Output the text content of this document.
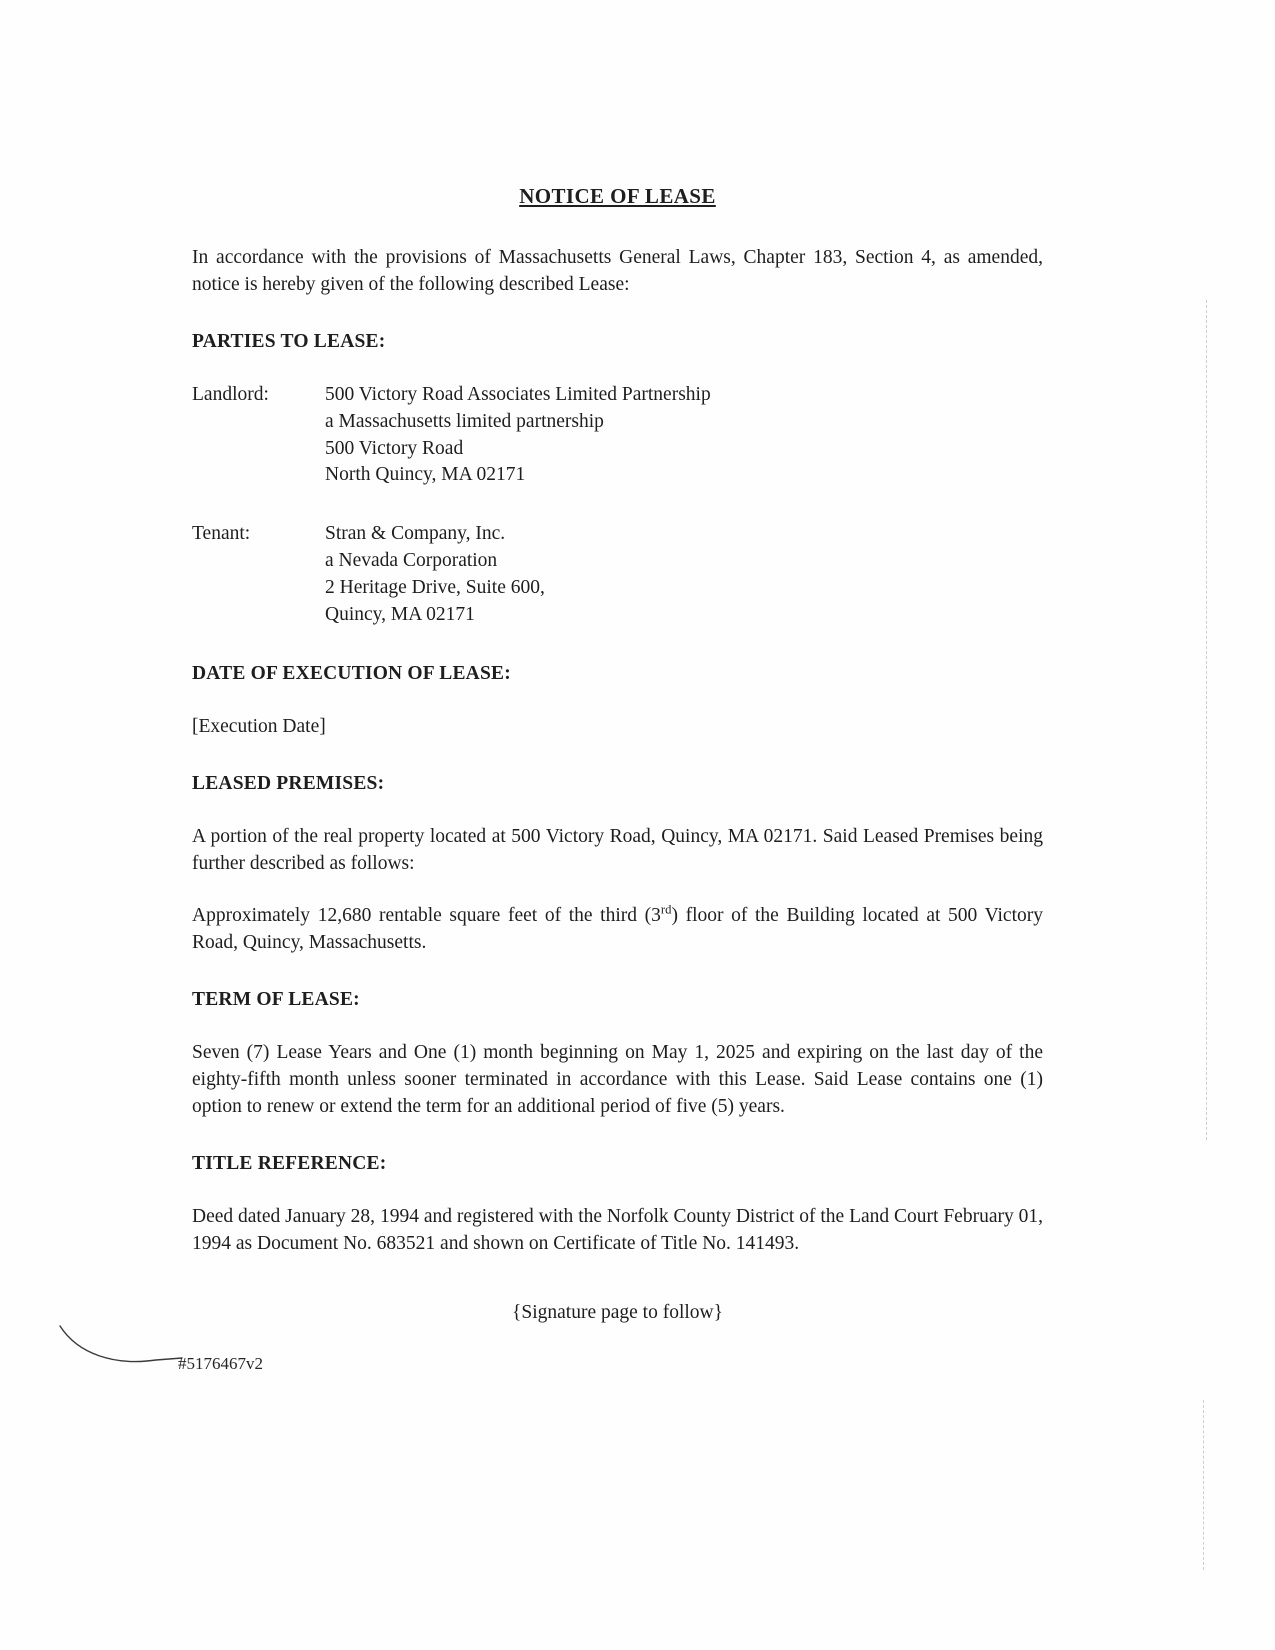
NOTICE OF LEASE

In accordance with the provisions of Massachusetts General Laws, Chapter 183, Section 4, as amended, notice is hereby given of the following described Lease:

PARTIES TO LEASE:
Landlord:	500 Victory Road Associates Limited Partnership
a Massachusetts limited partnership
500 Victory Road
North Quincy, MA 02171
Tenant:	Stran & Company, Inc.
a Nevada Corporation
2 Heritage Drive, Suite 600,
Quincy, MA 02171
DATE OF EXECUTION OF LEASE:
[Execution Date]
LEASED PREMISES:

A portion of the real property located at 500 Victory Road, Quincy, MA 02171. Said Leased Premises being further described as follows:

Approximately 12,680 rentable square feet of the third (3rd) floor of the Building located at 500 Victory Road, Quincy, Massachusetts.

TERM OF LEASE:

Seven (7) Lease Years and One (1) month beginning on May 1, 2025 and expiring on the last day of the eighty-fifth month unless sooner terminated in accordance with this Lease. Said Lease contains one (1) option to renew or extend the term for an additional period of five (5) years.

TITLE REFERENCE:

Deed dated January 28, 1994 and registered with the Norfolk County District of the Land Court February 01, 1994 as Document No. 683521 and shown on Certificate of Title No. 141493.

{Signature page to follow}
#5176467v2
